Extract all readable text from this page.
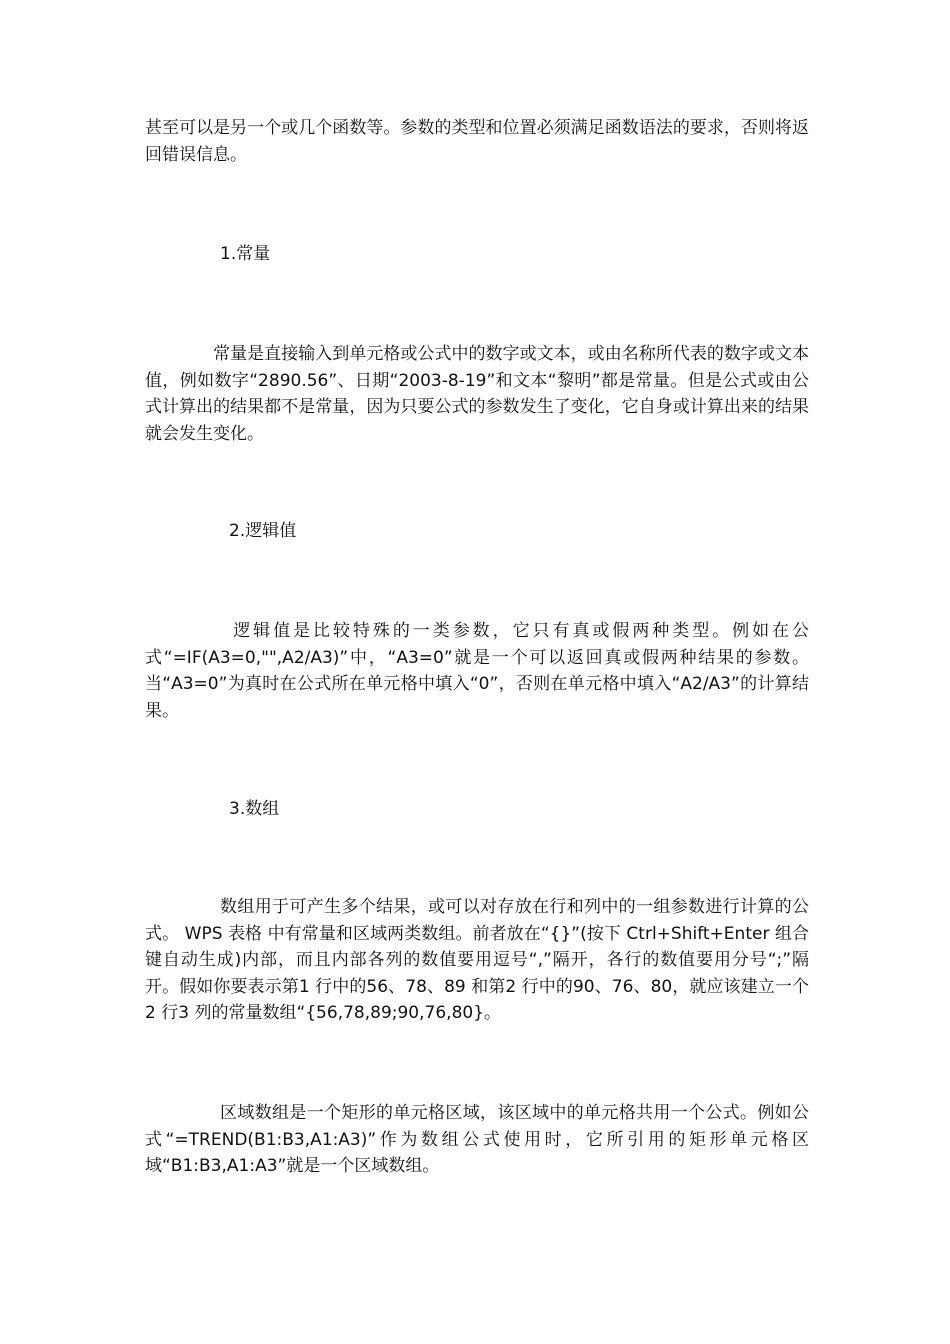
甚至可以是另一个或几个函数等。参数的类型和位置必须满足函数语法的要求，否则将返回错误信息。

1.常量

　　　　常量是直接输入到单元格或公式中的数字或文本，或由名称所代表的数字或文本值，例如数字“2890.56”、日期“2003-8-19”和文本“黎明”都是常量。但是公式或由公式计算出的结果都不是常量，因为只要公式的参数发生了变化，它自身或计算出来的结果就会发生变化。

2.逻辑值

　　　　 逻辑值是比较特殊的一类参数，它只有真或假两种类型。例如在公式“=IF(A3=0,"",A2/A3)”中，“A3=0”就是一个可以返回真或假两种结果的参数。当“A3=0”为真时在公式所在单元格中填入“0”，否则在单元格中填入“A2/A3”的计算结果。

3.数组

　　　　 数组用于可产生多个结果，或可以对存放在行和列中的一组参数进行计算的公式。 WPS 表格 中有常量和区域两类数组。前者放在“{}”(按下 Ctrl+Shift+Enter 组合键自动生成)内部，而且内部各列的数值要用逗号“,”隔开，各行的数值要用分号“;”隔开。假如你要表示第1 行中的56、78、89 和第2 行中的90、76、80，就应该建立一个2 行3 列的常量数组“{56,78,89;90,76,80}。

　　　　 区域数组是一个矩形的单元格区域，该区域中的单元格共用一个公式。例如公式“=TREND(B1:B3,A1:A3)”作为数组公式使用时，它所引用的矩形单元格区域“B1:B3,A1:A3”就是一个区域数组。
